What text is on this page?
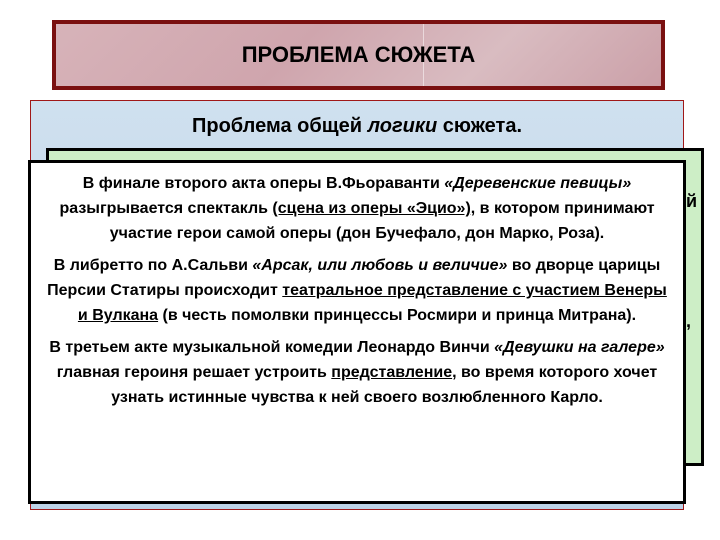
ПРОБЛЕМА СЮЖЕТА
Проблема общей логики сюжета.
й
,

В финале второго акта оперы В.Фьораванти «Деревенские певицы» разыгрывается спектакль (сцена из оперы «Эцио»), в котором принимают участие герои самой оперы (дон Бучефало, дон Марко, Роза).

В либретто по А.Сальви «Арсак, или любовь и величие» во дворце царицы Персии Статиры происходит театральное представление с участием Венеры и Вулкана (в честь помолвки принцессы Росмири и принца Митрана).

В третьем акте музыкальной комедии Леонардо Винчи «Девушки на галере» главная героиня решает устроить представление, во время которого хочет узнать истинные чувства к ней своего возлюбленного Карло.
